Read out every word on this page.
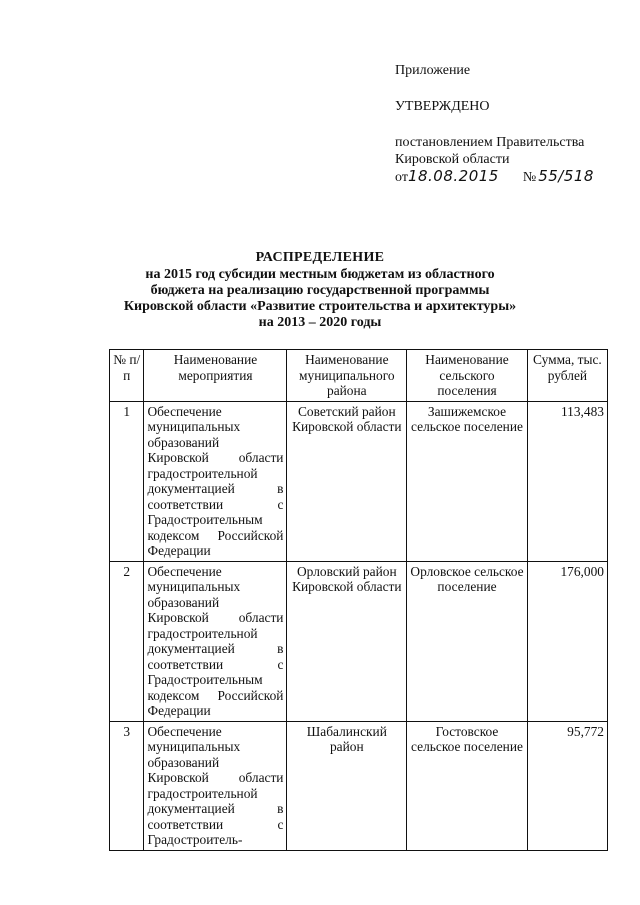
Приложение
УТВЕРЖДЕНО
постановлением Правительства
Кировской области
от 18.08.2015 № 55/518
РАСПРЕДЕЛЕНИЕ
на 2015 год субсидии местным бюджетам из областного
бюджета на реализацию государственной программы
Кировской области «Развитие строительства и архитектуры»
на 2013 – 2020 годы
№ п/п	Наименование мероприятия	Наименование муниципального района	Наименование сельского поселения	Сумма, тыс. рублей
1	Обеспечение муниципальных образований Кировской области градостроительной документацией в соответствии с Градостроительным кодексом Российской Федерации	Советский район Кировской области	Зашижемское сельское поселение	113,483
2	Обеспечение муниципальных образований Кировской области градостроительной документацией в соответствии с Градостроительным кодексом Российской Федерации	Орловский район Кировской области	Орловское сельское поселение	176,000
3	Обеспечение муниципальных образований Кировской области градостроительной документацией в соответствии с Градостроитель-	Шабалинский район	Гостовское сельское поселение	95,772
